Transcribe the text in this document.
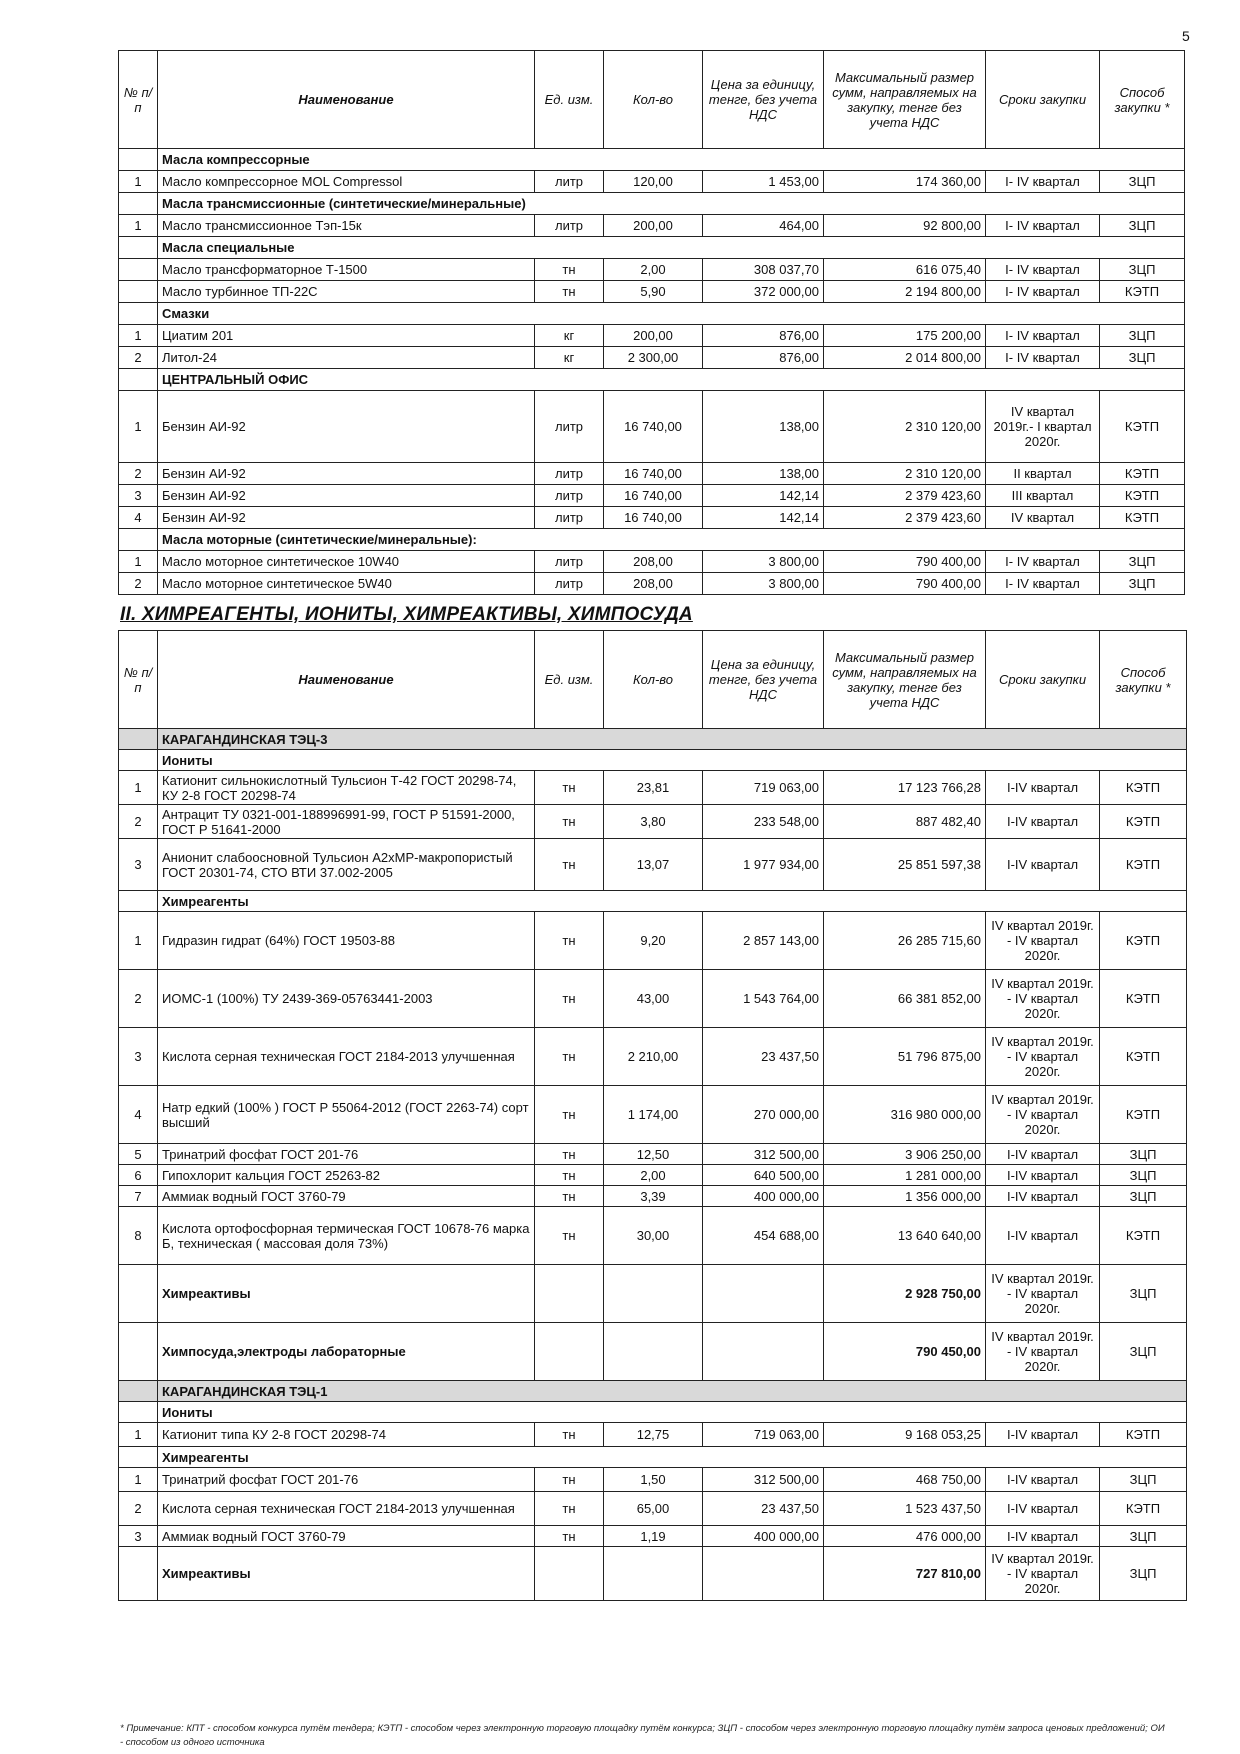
5
№ п/п	Наименование	Ед. изм.	Кол-во	Цена за единицу, тенге, без учета НДС	Максимальный размер сумм, направляемых на закупку, тенге без учета НДС	Сроки закупки	Способ закупки *
	Масла компрессорные						
1	Масло компрессорное MOL Compressol	литр	120,00	1 453,00	174 360,00	I- IV квартал	ЗЦП
	Масла трансмиссионные (синтетические/минеральные)						
1	Масло трансмиссионное Тэп-15к	литр	200,00	464,00	92 800,00	I- IV квартал	ЗЦП
	Масла специальные						
	Масло трансформаторное Т-1500	тн	2,00	308 037,70	616 075,40	I- IV квартал	ЗЦП
	Масло турбинное ТП-22С	тн	5,90	372 000,00	2 194 800,00	I- IV квартал	КЭТП
	Смазки						
1	Циатим 201	кг	200,00	876,00	175 200,00	I- IV квартал	ЗЦП
2	Литол-24	кг	2 300,00	876,00	2 014 800,00	I- IV квартал	ЗЦП
	ЦЕНТРАЛЬНЫЙ ОФИС						
1	Бензин АИ-92	литр	16 740,00	138,00	2 310 120,00	IV квартал 2019г.- I квартал 2020г.	КЭТП
2	Бензин АИ-92	литр	16 740,00	138,00	2 310 120,00	II квартал	КЭТП
3	Бензин АИ-92	литр	16 740,00	142,14	2 379 423,60	III квартал	КЭТП
4	Бензин АИ-92	литр	16 740,00	142,14	2 379 423,60	IV квартал	КЭТП
	Масла моторные (синтетические/минеральные):						
1	Масло моторное синтетическое 10W40	литр	208,00	3 800,00	790 400,00	I- IV квартал	ЗЦП
2	Масло моторное синтетическое 5W40	литр	208,00	3 800,00	790 400,00	I- IV квартал	ЗЦП
II. ХИМРЕАГЕНТЫ, ИОНИТЫ, ХИМРЕАКТИВЫ, ХИМПОСУДА
№ п/п	Наименование	Ед. изм.	Кол-во	Цена за единицу, тенге, без учета НДС	Максимальный размер сумм, направляемых на закупку, тенге без учета НДС	Сроки закупки	Способ закупки *
	КАРАГАНДИНСКАЯ ТЭЦ-3						
	Иониты						
1	Катионит сильнокислотный Тульсион Т-42 ГОСТ 20298-74, КУ 2-8 ГОСТ 20298-74	тн	23,81	719 063,00	17 123 766,28	I-IV квартал	КЭТП
2	Антрацит ТУ 0321-001-188996991-99, ГОСТ Р 51591-2000, ГОСТ Р 51641-2000	тн	3,80	233 548,00	887 482,40	I-IV квартал	КЭТП
3	Анионит слабоосновной Тульсион А2хМР-макропористый ГОСТ 20301-74, СТО ВТИ 37.002-2005	тн	13,07	1 977 934,00	25 851 597,38	I-IV квартал	КЭТП
	Химреагенты						
1	Гидразин гидрат (64%) ГОСТ 19503-88	тн	9,20	2 857 143,00	26 285 715,60	IV квартал 2019г. - IV квартал 2020г.	КЭТП
2	ИОМС-1 (100%) ТУ 2439-369-05763441-2003	тн	43,00	1 543 764,00	66 381 852,00	IV квартал 2019г. - IV квартал 2020г.	КЭТП
3	Кислота серная техническая ГОСТ 2184-2013 улучшенная	тн	2 210,00	23 437,50	51 796 875,00	IV квартал 2019г. - IV квартал 2020г.	КЭТП
4	Натр едкий (100% ) ГОСТ Р 55064-2012 (ГОСТ 2263-74) сорт высший	тн	1 174,00	270 000,00	316 980 000,00	IV квартал 2019г. - IV квартал 2020г.	КЭТП
5	Тринатрий фосфат ГОСТ 201-76	тн	12,50	312 500,00	3 906 250,00	I-IV квартал	ЗЦП
6	Гипохлорит кальция ГОСТ 25263-82	тн	2,00	640 500,00	1 281 000,00	I-IV квартал	ЗЦП
7	Аммиак водный ГОСТ 3760-79	тн	3,39	400 000,00	1 356 000,00	I-IV квартал	ЗЦП
8	Кислота ортофосфорная термическая ГОСТ 10678-76 марка Б, техническая ( массовая доля 73%)	тн	30,00	454 688,00	13 640 640,00	I-IV квартал	КЭТП
	Химреактивы				2 928 750,00	IV квартал 2019г. - IV квартал 2020г.	ЗЦП
	Химпосуда,электроды лабораторные				790 450,00	IV квартал 2019г. - IV квартал 2020г.	ЗЦП
	КАРАГАНДИНСКАЯ ТЭЦ-1						
	Иониты						
1	Катионит типа КУ 2-8 ГОСТ 20298-74	тн	12,75	719 063,00	9 168 053,25	I-IV квартал	КЭТП
	Химреагенты						
1	Тринатрий фосфат ГОСТ 201-76	тн	1,50	312 500,00	468 750,00	I-IV квартал	ЗЦП
2	Кислота серная техническая ГОСТ 2184-2013 улучшенная	тн	65,00	23 437,50	1 523 437,50	I-IV квартал	КЭТП
3	Аммиак водный ГОСТ 3760-79	тн	1,19	400 000,00	476 000,00	I-IV квартал	ЗЦП
	Химреактивы				727 810,00	IV квартал 2019г. - IV квартал 2020г.	ЗЦП
* Примечание: КПТ - способом конкурса путём тендера; КЭТП - способом через электронную торговую площадку путём конкурса; ЗЦП - способом через электронную торговую площадку путём запроса ценовых предложений; ОИ - способом из одного источника
